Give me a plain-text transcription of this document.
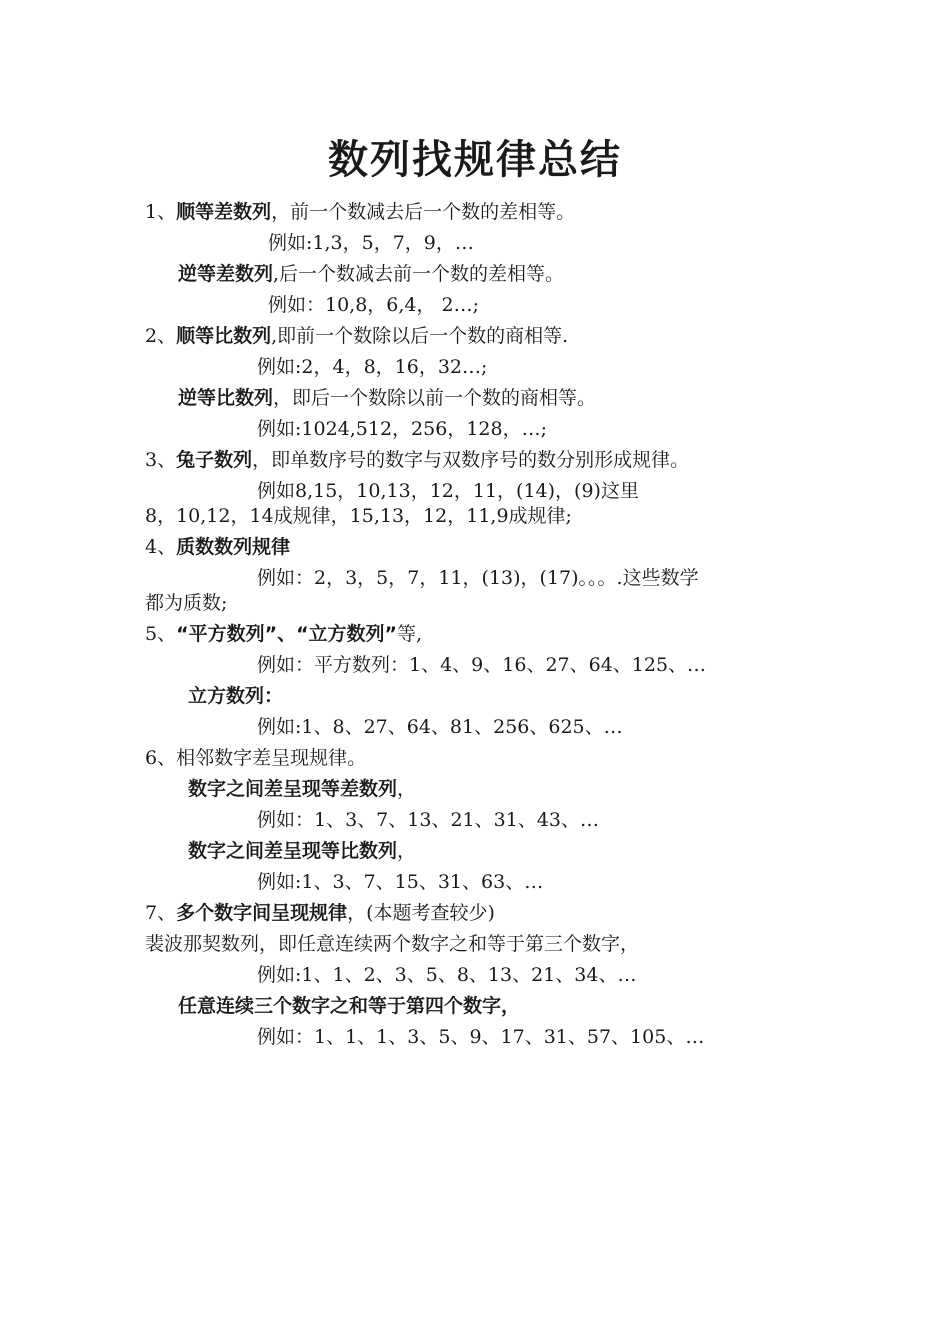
数列找规律总结
1、顺等差数列，前一个数减去后一个数的差相等。
例如:1,3，5，7，9，…
逆等差数列,后一个数减去前一个数的差相等。
例如：10,8，6,4， 2…;
2、顺等比数列,即前一个数除以后一个数的商相等.
例如:2，4，8，16，32…;
逆等比数列，即后一个数除以前一个数的商相等。
例如:1024,512，256，128，…;
3、兔子数列，即单数序号的数字与双数序号的数分别形成规律。
例如8,15，10,13，12，11，(14)，(9)这里
8，10,12，14成规律，15,13，12，11,9成规律;
4、质数数列规律
例如：2，3，5，7，11，(13)，(17)。。。.这些数学
都为质数;
5、“平方数列”、“立方数列”等,
例如：平方数列：1、4、9、16、27、64、125、…
立方数列：
例如:1、8、27、64、81、256、625、…
6、相邻数字差呈现规律。
数字之间差呈现等差数列，
例如：1、3、7、13、21、31、43、…
数字之间差呈现等比数列，
例如:1、3、7、15、31、63、…
7、多个数字间呈现规律，(本题考查较少)
裴波那契数列，即任意连续两个数字之和等于第三个数字，
例如:1、1、2、3、5、8、13、21、34、…
任意连续三个数字之和等于第四个数字，
例如：1、1、1、3、5、9、17、31、57、105、…
